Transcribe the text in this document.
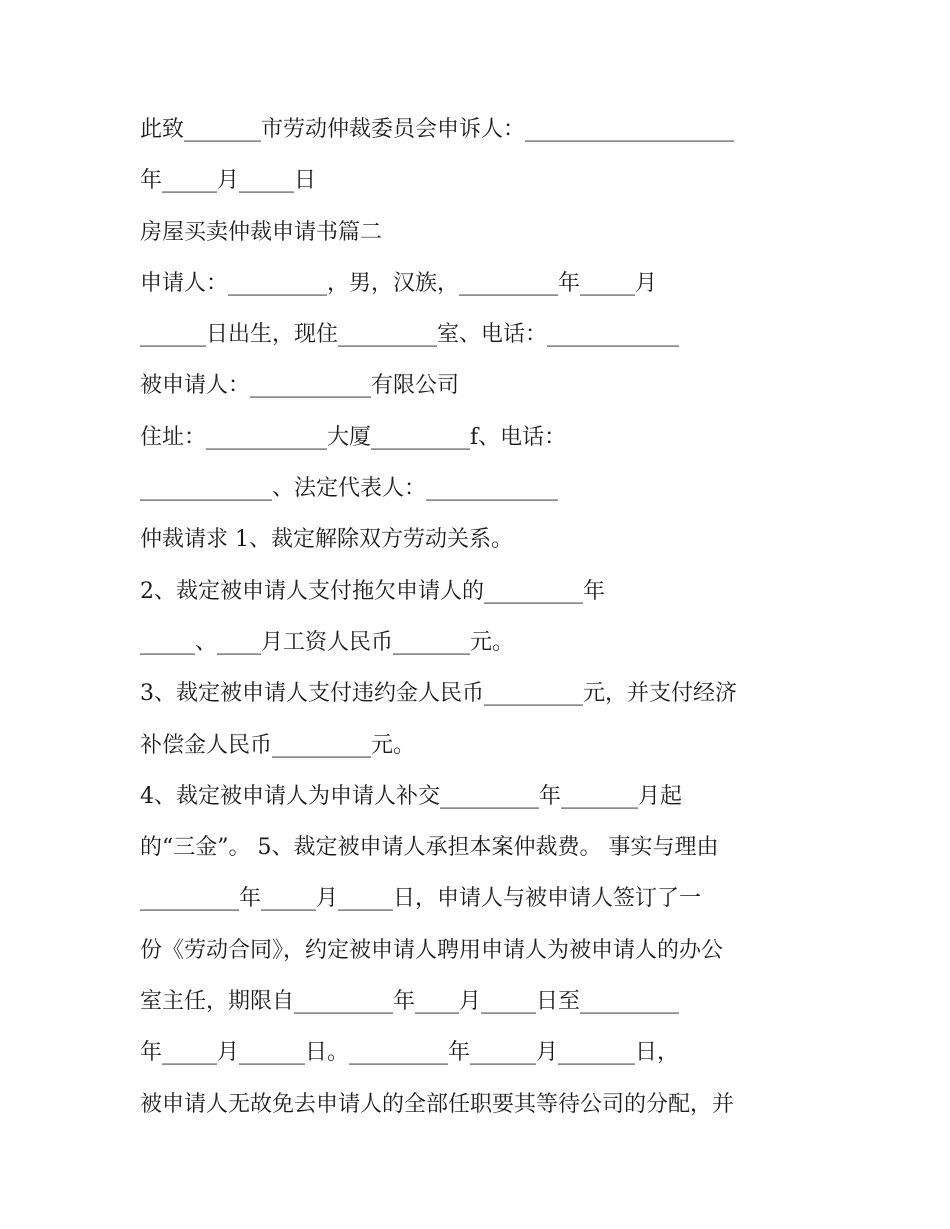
此致_______市劳动仲裁委员会申诉人：___________________
年_____月_____日
房屋买卖仲裁申请书篇二
申请人：_________，男，汉族，_________年_____月
______日出生，现住_________室、电话：____________
被申请人：___________有限公司
住址：___________大厦_________f、电话：
____________、法定代表人：____________
仲裁请求 1、裁定解除双方劳动关系。
2、裁定被申请人支付拖欠申请人的_________年
_____、____月工资人民币_______元。
3、裁定被申请人支付违约金人民币_________元，并支付经济
补偿金人民币_________元。
4、裁定被申请人为申请人补交_________年_______月起
的“三金”。 5、裁定被申请人承担本案仲裁费。 事实与理由
_________年_____月_____日，申请人与被申请人签订了一
份《劳动合同》，约定被申请人聘用申请人为被申请人的办公
室主任，期限自_________年____月_____日至_________
年_____月______日。_________年______月_______日，
被申请人无故免去申请人的全部任职要其等待公司的分配，并
